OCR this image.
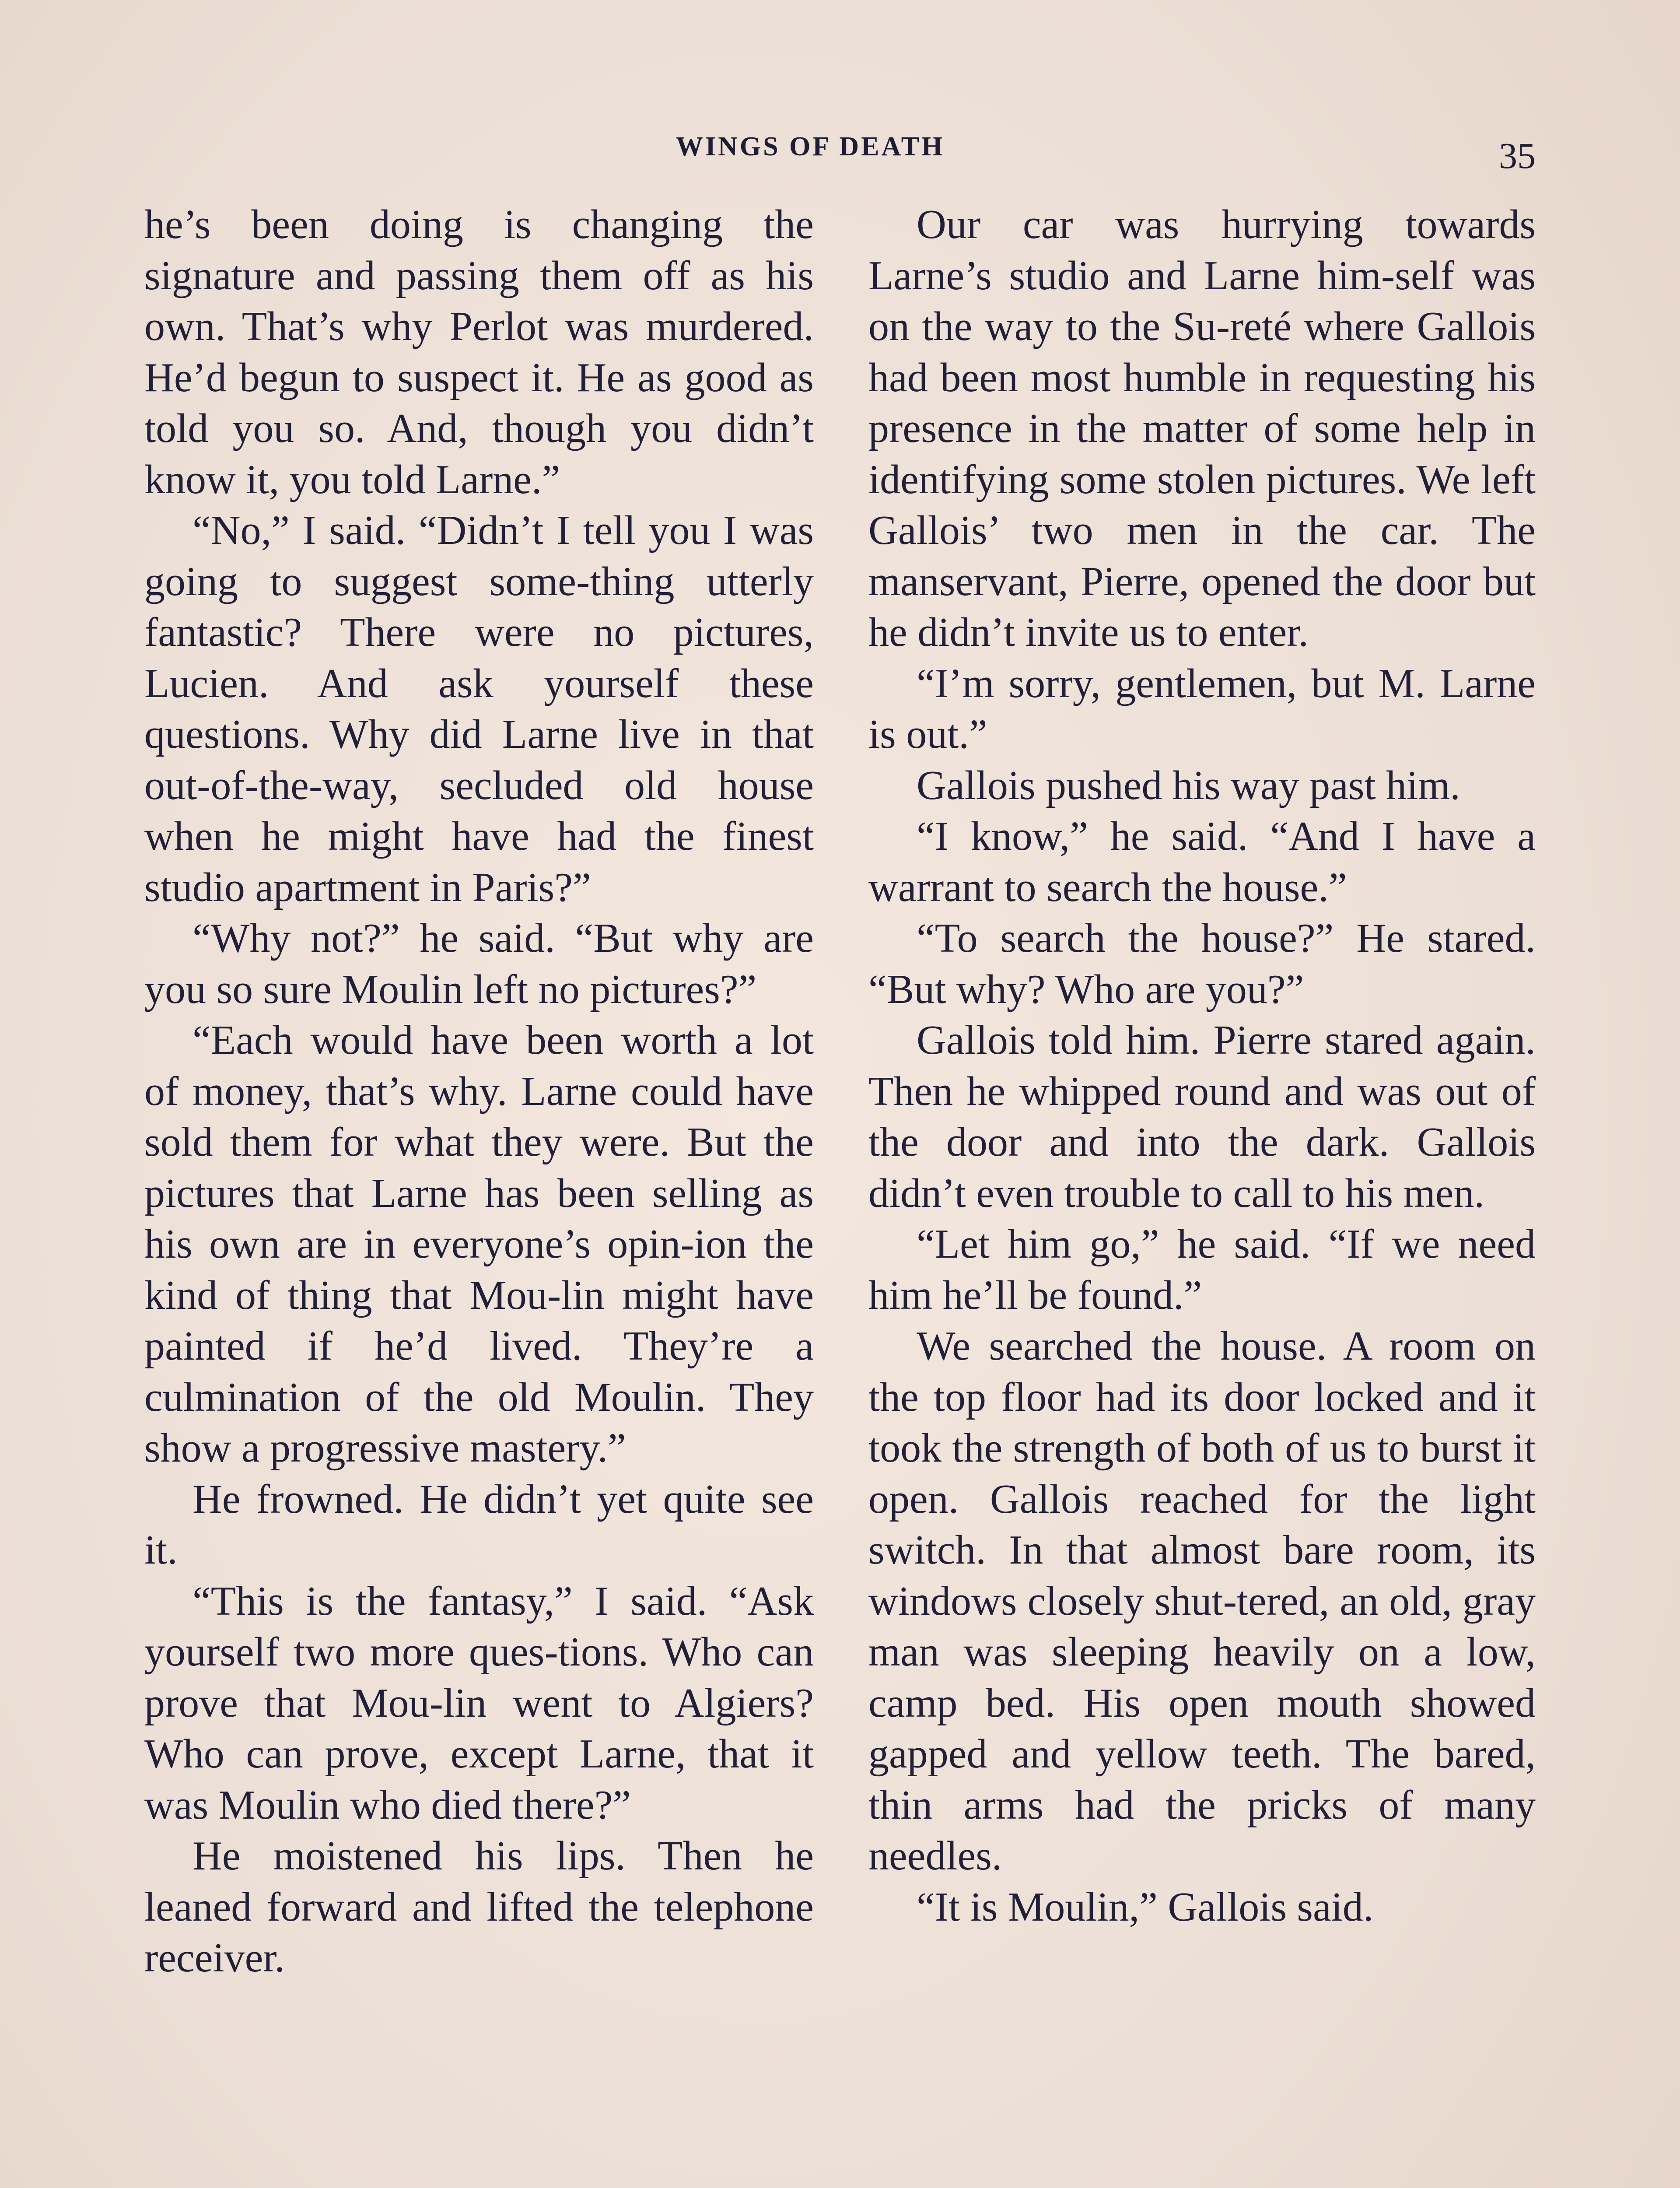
WINGS OF DEATH	35

he’s been doing is changing the signature and passing them off as his own. That’s why Perlot was murdered. He’d begun to suspect it. He as good as told you so. And, though you didn’t know it, you told Larne.”

“No,” I said. “Didn’t I tell you I was going to suggest some-thing utterly fantastic? There were no pictures, Lucien. And ask yourself these questions. Why did Larne live in that out-of-the-way, secluded old house when he might have had the finest studio apartment in Paris?”

“Why not?” he said. “But why are you so sure Moulin left no pictures?”

“Each would have been worth a lot of money, that’s why. Larne could have sold them for what they were. But the pictures that Larne has been selling as his own are in everyone’s opin-ion the kind of thing that Mou-lin might have painted if he’d lived. They’re a culmination of the old Moulin. They show a progressive mastery.”

He frowned. He didn’t yet quite see it.

“This is the fantasy,” I said. “Ask yourself two more ques-tions. Who can prove that Mou-lin went to Algiers? Who can prove, except Larne, that it was Moulin who died there?”

He moistened his lips. Then he leaned forward and lifted the telephone receiver.

Our car was hurrying towards Larne’s studio and Larne him-self was on the way to the Su-reté where Gallois had been most humble in requesting his presence in the matter of some help in identifying some stolen pictures. We left Gallois’ two men in the car. The manservant, Pierre, opened the door but he didn’t invite us to enter.

“I’m sorry, gentlemen, but M. Larne is out.”

Gallois pushed his way past him.

“I know,” he said. “And I have a warrant to search the house.”

“To search the house?” He stared. “But why? Who are you?”

Gallois told him. Pierre stared again. Then he whipped round and was out of the door and into the dark. Gallois didn’t even trouble to call to his men.

“Let him go,” he said. “If we need him he’ll be found.”

We searched the house. A room on the top floor had its door locked and it took the strength of both of us to burst it open. Gallois reached for the light switch. In that almost bare room, its windows closely shut-tered, an old, gray man was sleeping heavily on a low, camp bed. His open mouth showed gapped and yellow teeth. The bared, thin arms had the pricks of many needles.

“It is Moulin,” Gallois said.
